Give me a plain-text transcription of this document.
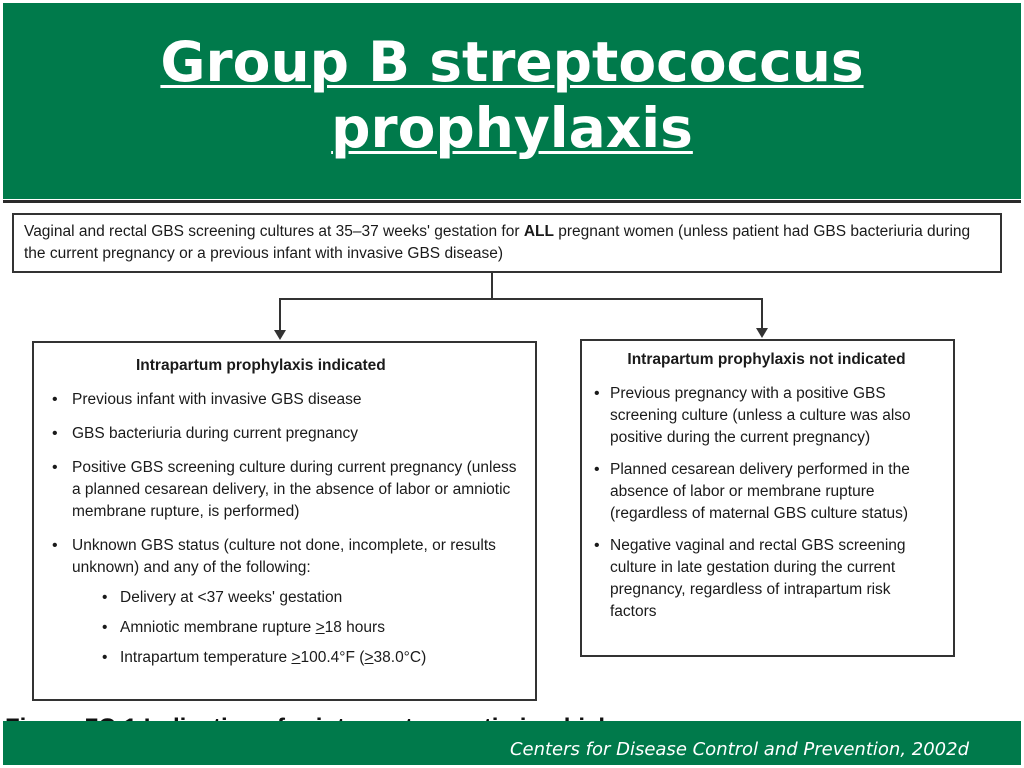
Group B streptococcus
prophylaxis
Vaginal and rectal GBS screening cultures at 35–37 weeks' gestation for ALL pregnant women (unless patient had GBS bacteriuria during the current pregnancy or a previous infant with invasive GBS disease)
Intrapartum prophylaxis indicated
• Previous infant with invasive GBS disease
• GBS bacteriuria during current pregnancy
• Positive GBS screening culture during current pregnancy (unless a planned cesarean delivery, in the absence of labor or amniotic membrane rupture, is performed)
• Unknown GBS status (culture not done, incomplete, or results unknown) and any of the following:
• Delivery at <37 weeks' gestation
• Amniotic membrane rupture ≥18 hours
• Intrapartum temperature ≥100.4°F (≥38.0°C)
Intrapartum prophylaxis not indicated
• Previous pregnancy with a positive GBS screening culture (unless a culture was also positive during the current pregnancy)
• Planned cesarean delivery performed in the absence of labor or membrane rupture (regardless of maternal GBS culture status)
• Negative vaginal and rectal GBS screening culture in late gestation during the current pregnancy, regardless of intrapartum risk factors
Centers for Disease Control and Prevention, 2002d
